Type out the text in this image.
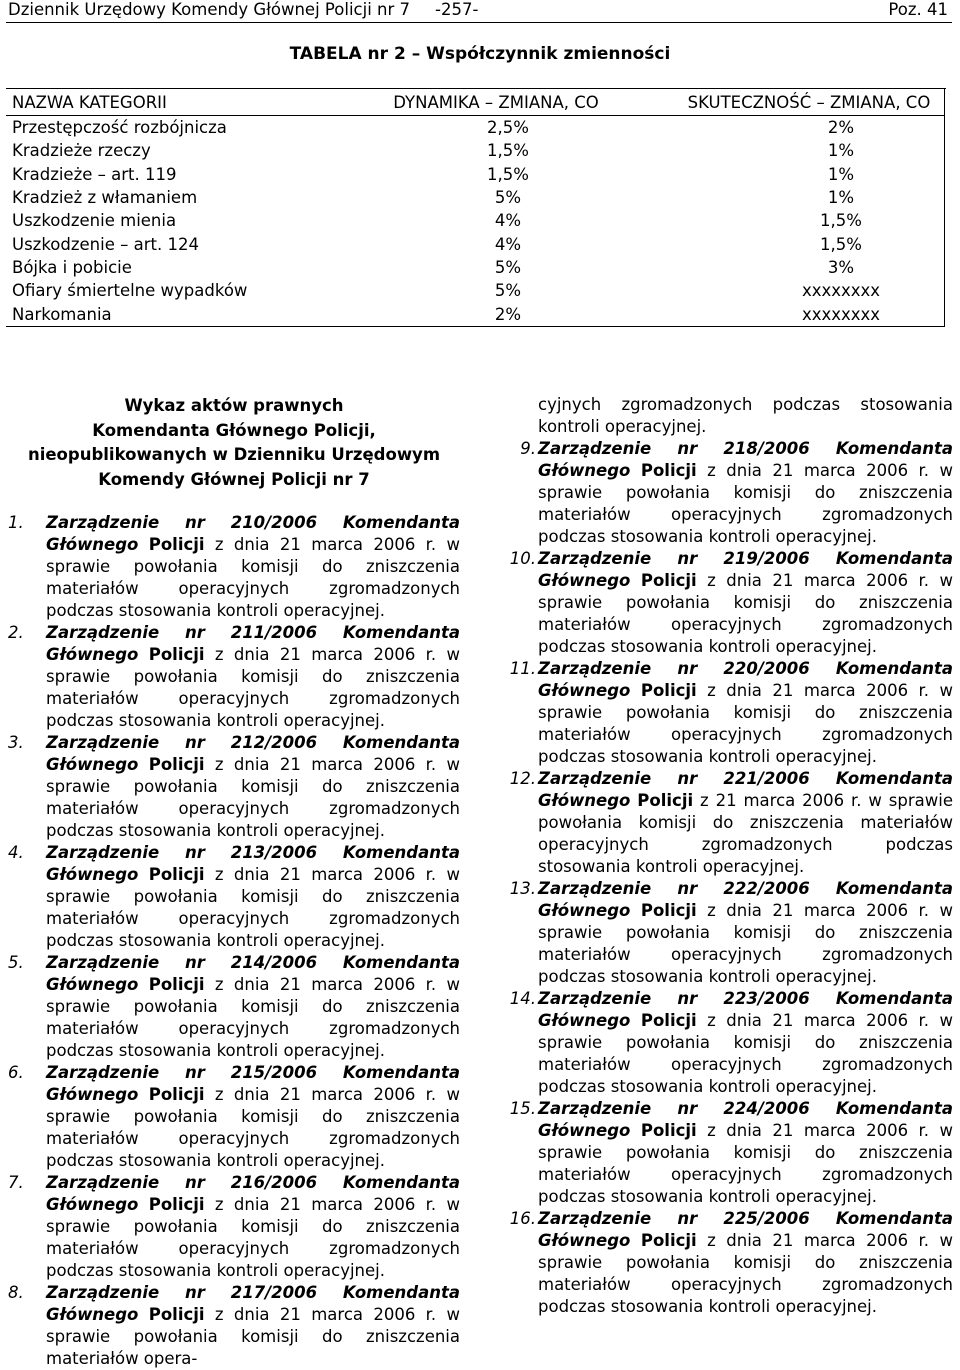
Dziennik Urzędowy Komendy Głównej Policji nr 7 -257-	Poz. 41
TABELA nr 2 – Współczynnik zmienności
NAZWA KATEGORII	DYNAMIKA – ZMIANA, CO	SKUTECZNOŚĆ – ZMIANA, CO
Przestępczość rozbójnicza	2,5%	2%
Kradzieże rzeczy	1,5%	1%
Kradzieże – art. 119	1,5%	1%
Kradzież z włamaniem	5%	1%
Uszkodzenie mienia	4%	1,5%
Uszkodzenie – art. 124	4%	1,5%
Bójka i pobicie	5%	3%
Ofiary śmiertelne wypadków	5%	xxxxxxxx
Narkomania	2%	xxxxxxxx
Wykaz aktów prawnych
Komendanta Głównego Policji,
nieopublikowanych w Dzienniku Urzędowym
Komendy Głównej Policji nr 7
1.	Zarządzenie nr 210/2006 Komendanta Głównego Policji z dnia 21 marca 2006 r. w sprawie powołania komisji do zniszczenia materiałów operacyjnych zgromadzonych podczas stosowania kontroli operacyjnej.
2.	Zarządzenie nr 211/2006 Komendanta Głównego Policji z dnia 21 marca 2006 r. w sprawie powołania komisji do zniszczenia materiałów operacyjnych zgromadzonych podczas stosowania kontroli operacyjnej.
3.	Zarządzenie nr 212/2006 Komendanta Głównego Policji z dnia 21 marca 2006 r. w sprawie powołania komisji do zniszczenia materiałów operacyjnych zgromadzonych podczas stosowania kontroli operacyjnej.
4.	Zarządzenie nr 213/2006 Komendanta Głównego Policji z dnia 21 marca 2006 r. w sprawie powołania komisji do zniszczenia materiałów operacyjnych zgromadzonych podczas stosowania kontroli operacyjnej.
5.	Zarządzenie nr 214/2006 Komendanta Głównego Policji z dnia 21 marca 2006 r. w sprawie powołania komisji do zniszczenia materiałów operacyjnych zgromadzonych podczas stosowania kontroli operacyjnej.
6.	Zarządzenie nr 215/2006 Komendanta Głównego Policji z dnia 21 marca 2006 r. w sprawie powołania komisji do zniszczenia materiałów operacyjnych zgromadzonych podczas stosowania kontroli operacyjnej.
7.	Zarządzenie nr 216/2006 Komendanta Głównego Policji z dnia 21 marca 2006 r. w sprawie powołania komisji do zniszczenia materiałów operacyjnych zgromadzonych podczas stosowania kontroli operacyjnej.
8.	Zarządzenie nr 217/2006 Komendanta Głównego Policji z dnia 21 marca 2006 r. w sprawie powołania komisji do zniszczenia materiałów opera-
cyjnych zgromadzonych podczas stosowania kontroli operacyjnej.
9. Zarządzenie nr 218/2006 Komendanta Głównego Policji z dnia 21 marca 2006 r. w sprawie powołania komisji do zniszczenia materiałów operacyjnych zgromadzonych podczas stosowania kontroli operacyjnej.
10. Zarządzenie nr 219/2006 Komendanta Głównego Policji z dnia 21 marca 2006 r. w sprawie powołania komisji do zniszczenia materiałów operacyjnych zgromadzonych podczas stosowania kontroli operacyjnej.
11. Zarządzenie nr 220/2006 Komendanta Głównego Policji z dnia 21 marca 2006 r. w sprawie powołania komisji do zniszczenia materiałów operacyjnych zgromadzonych podczas stosowania kontroli operacyjnej.
12. Zarządzenie nr 221/2006 Komendanta Głównego Policji z 21 marca 2006 r. w sprawie powołania komisji do zniszczenia materiałów operacyjnych zgromadzonych podczas stosowania kontroli operacyjnej.
13. Zarządzenie nr 222/2006 Komendanta Głównego Policji z dnia 21 marca 2006 r. w sprawie powołania komisji do zniszczenia materiałów operacyjnych zgromadzonych podczas stosowania kontroli operacyjnej.
14. Zarządzenie nr 223/2006 Komendanta Głównego Policji z dnia 21 marca 2006 r. w sprawie powołania komisji do zniszczenia materiałów operacyjnych zgromadzonych podczas stosowania kontroli operacyjnej.
15. Zarządzenie nr 224/2006 Komendanta Głównego Policji z dnia 21 marca 2006 r. w sprawie powołania komisji do zniszczenia materiałów operacyjnych zgromadzonych podczas stosowania kontroli operacyjnej.
16. Zarządzenie nr 225/2006 Komendanta Głównego Policji z dnia 21 marca 2006 r. w sprawie powołania komisji do zniszczenia materiałów operacyjnych zgromadzonych podczas stosowania kontroli operacyjnej.
